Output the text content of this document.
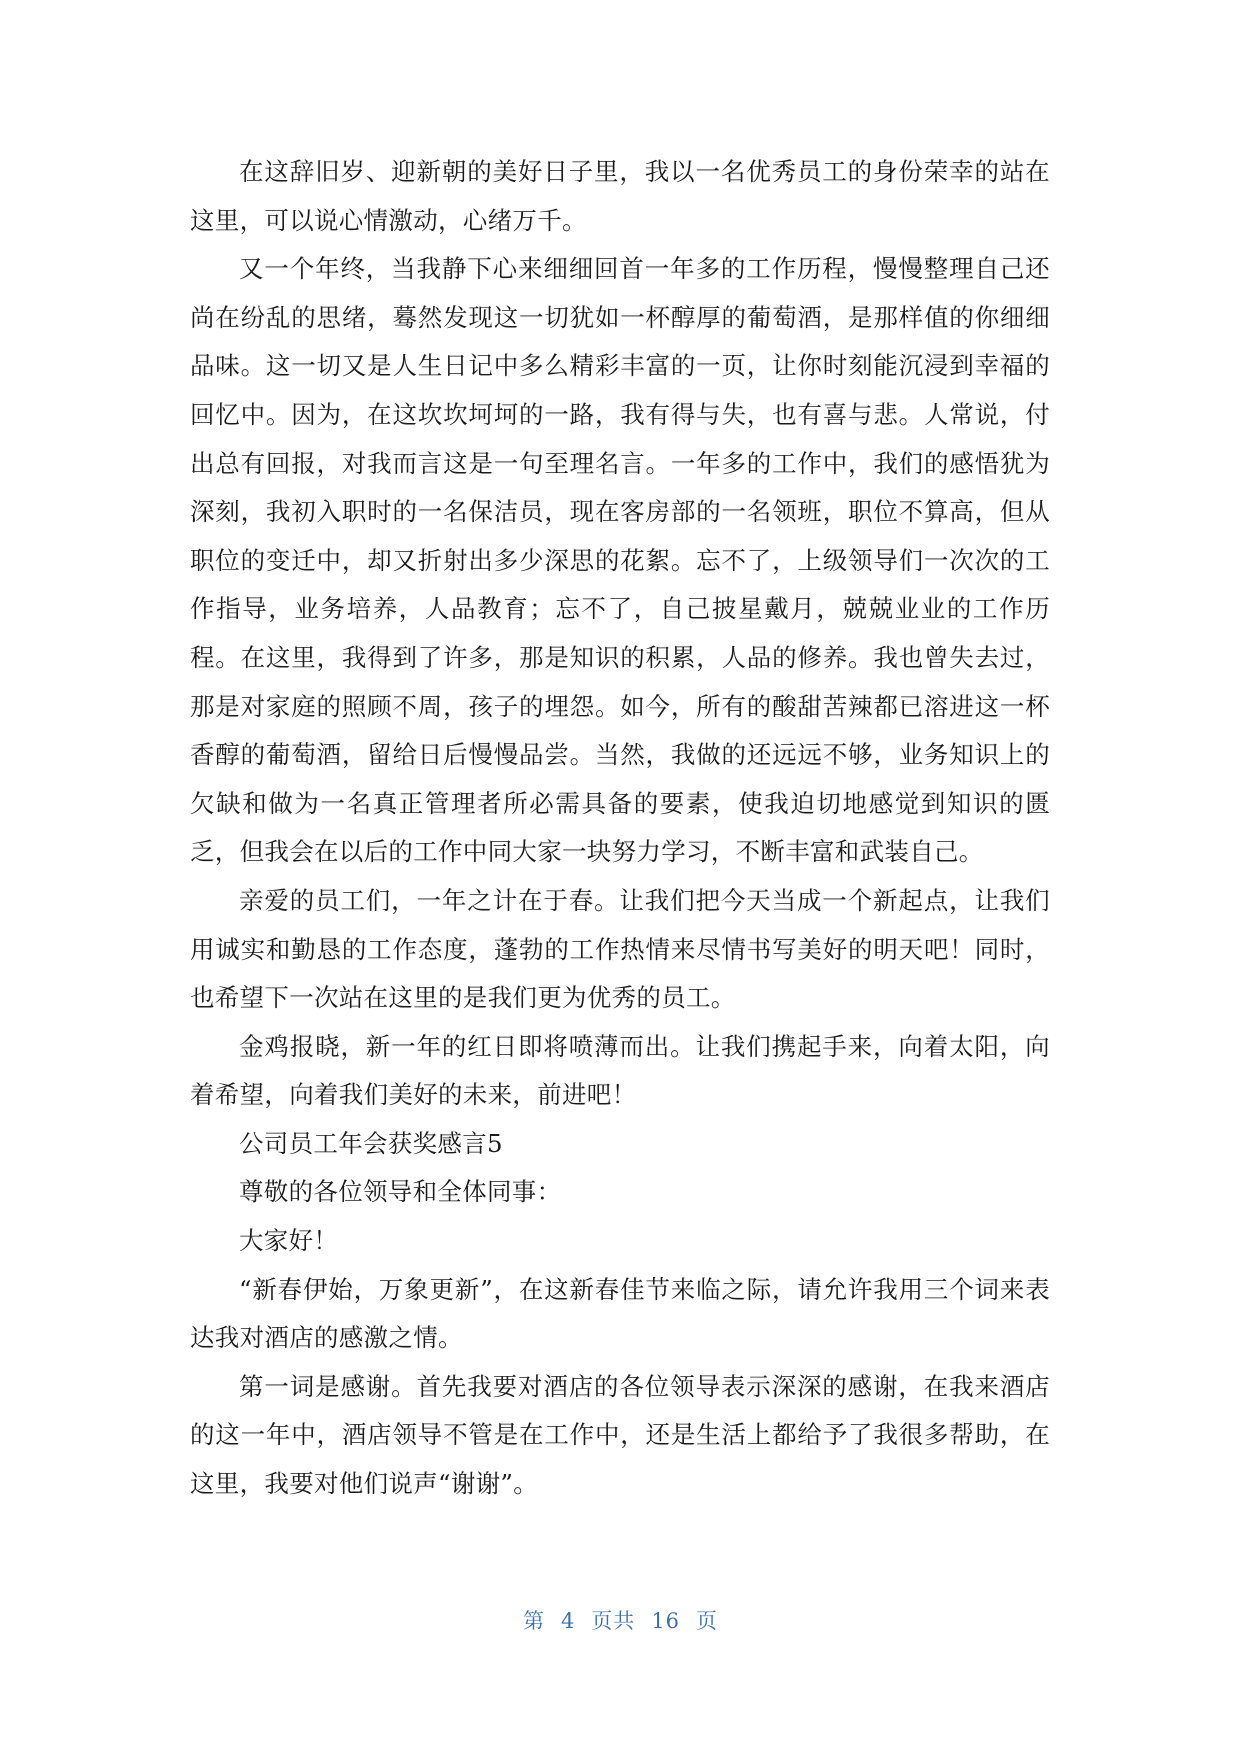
在这辞旧岁、迎新朝的美好日子里，我以一名优秀员工的身份荣幸的站在这里，可以说心情激动，心绪万千。

又一个年终，当我静下心来细细回首一年多的工作历程，慢慢整理自己还尚在纷乱的思绪，蓦然发现这一切犹如一杯醇厚的葡萄酒，是那样值的你细细品味。这一切又是人生日记中多么精彩丰富的一页，让你时刻能沉浸到幸福的回忆中。因为，在这坎坎坷坷的一路，我有得与失，也有喜与悲。人常说，付出总有回报，对我而言这是一句至理名言。一年多的工作中，我们的感悟犹为深刻，我初入职时的一名保洁员，现在客房部的一名领班，职位不算高，但从职位的变迁中，却又折射出多少深思的花絮。忘不了，上级领导们一次次的工作指导，业务培养，人品教育；忘不了，自己披星戴月，兢兢业业的工作历程。在这里，我得到了许多，那是知识的积累，人品的修养。我也曾失去过，那是对家庭的照顾不周，孩子的埋怨。如今，所有的酸甜苦辣都已溶进这一杯香醇的葡萄酒，留给日后慢慢品尝。当然，我做的还远远不够，业务知识上的欠缺和做为一名真正管理者所必需具备的要素，使我迫切地感觉到知识的匮乏，但我会在以后的工作中同大家一块努力学习，不断丰富和武装自己。

亲爱的员工们，一年之计在于春。让我们把今天当成一个新起点，让我们用诚实和勤恳的工作态度，蓬勃的工作热情来尽情书写美好的明天吧！同时，也希望下一次站在这里的是我们更为优秀的员工。

金鸡报晓，新一年的红日即将喷薄而出。让我们携起手来，向着太阳，向着希望，向着我们美好的未来，前进吧！

公司员工年会获奖感言5

尊敬的各位领导和全体同事：

大家好！

“新春伊始，万象更新”，在这新春佳节来临之际，请允许我用三个词来表达我对酒店的感激之情。

第一词是感谢。首先我要对酒店的各位领导表示深深的感谢，在我来酒店的这一年中，酒店领导不管是在工作中，还是生活上都给予了我很多帮助，在这里，我要对他们说声“谢谢”。

第 4 页共 16 页
